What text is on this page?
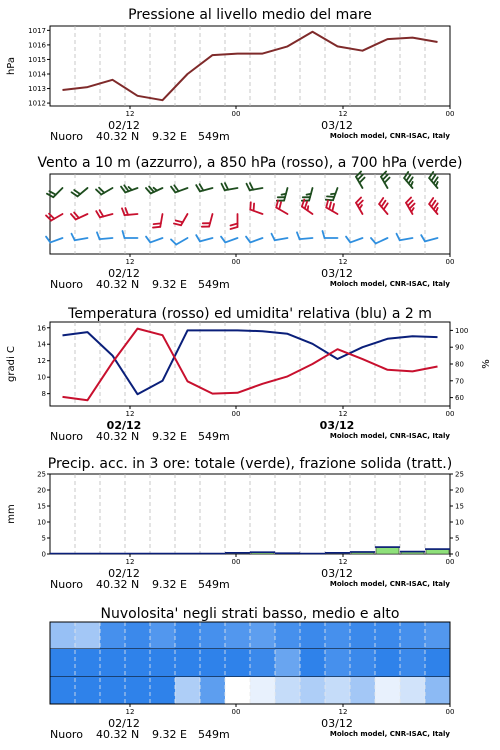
Pressione al livello medio del mare
1012
1013
1014
1015
1016
1017
hPa
12	00	12	00
02/12	03/12
Nuoro 40.32 N 9.32 E 549m	Moloch model, CNR-ISAC, Italy
Vento a 10 m (azzurro), a 850 hPa (rosso), a 700 hPa (verde)
12	00	12	00
02/12	03/12
Nuoro 40.32 N 9.32 E 549m	Moloch model, CNR-ISAC, Italy
Temperatura (rosso) ed umidita' relativa (blu) a 2 m
8
10
12
14
16
60
70
80
90
100
gradi C	%
12	00	12	00
02/12	03/12
Nuoro 40.32 N 9.32 E 549m	Moloch model, CNR-ISAC, Italy
Precip. acc. in 3 ore: totale (verde), frazione solida (tratt.)
0
5
10
15
20
25
0
5
10
15
20
25
mm
12	00	12	00
02/12	03/12
Nuoro 40.32 N 9.32 E 549m	Moloch model, CNR-ISAC, Italy
Nuvolosita' negli strati basso, medio e alto
12	00	12	00
02/12	03/12
Nuoro 40.32 N 9.32 E 549m	Moloch model, CNR-ISAC, Italy
